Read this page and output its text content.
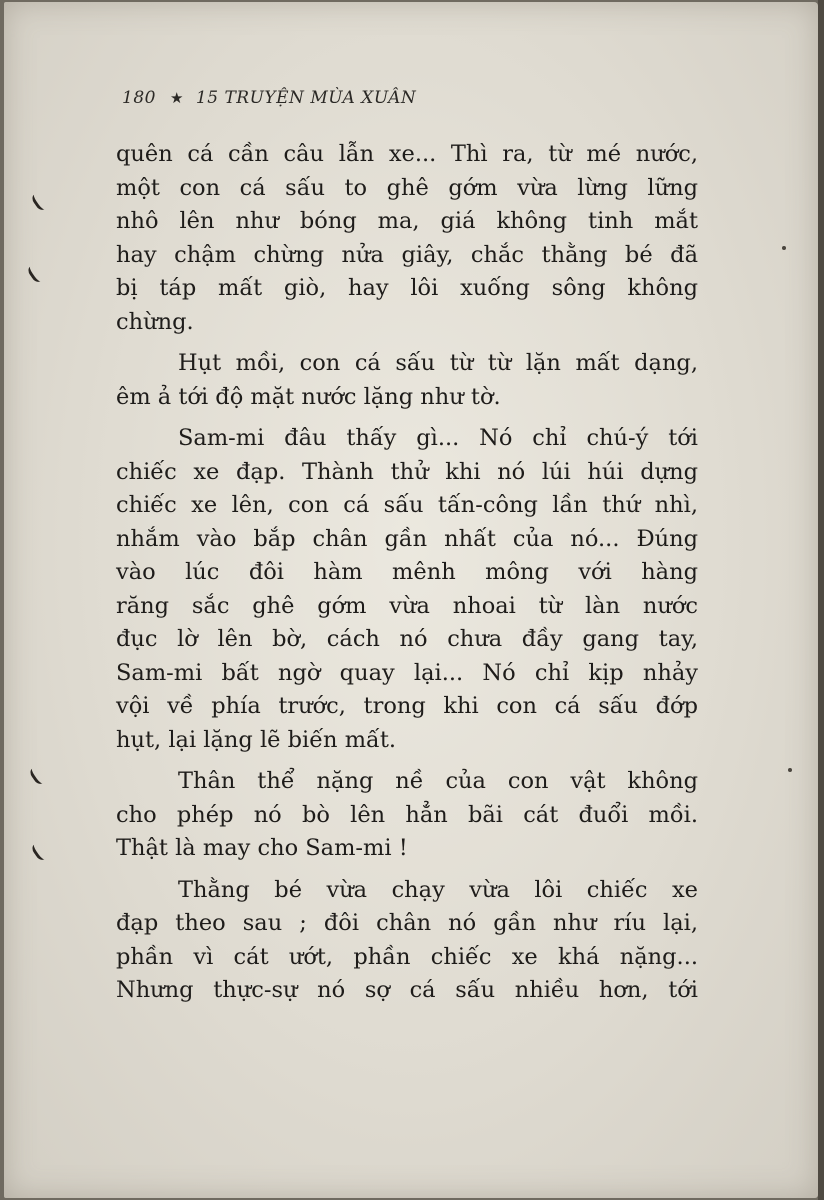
180 ★ 15 TRUYỆN MÙA XUÂN
quên cá cần câu lẫn xe... Thì ra, từ mé nước,
một con cá sấu to ghê gớm vừa lừng lững
nhô lên như bóng ma, giá không tinh mắt
hay chậm chừng nửa giây, chắc thằng bé đã
bị táp mất giò, hay lôi xuống sông không
chừng.
Hụt mồi, con cá sấu từ từ lặn mất dạng,
êm ả tới độ mặt nước lặng như tờ.
Sam-mi đâu thấy gì... Nó chỉ chú-ý tới
chiếc xe đạp. Thành thử khi nó lúi húi dựng
chiếc xe lên, con cá sấu tấn-công lần thứ nhì,
nhắm vào bắp chân gần nhất của nó... Đúng
vào lúc đôi hàm mênh mông với hàng
răng sắc ghê gớm vừa nhoai từ làn nước
đục lờ lên bờ, cách nó chưa đầy gang tay,
Sam-mi bất ngờ quay lại... Nó chỉ kịp nhảy
vội về phía trước, trong khi con cá sấu đớp
hụt, lại lặng lẽ biến mất.
Thân thể nặng nề của con vật không
cho phép nó bò lên hẳn bãi cát đuổi mồi.
Thật là may cho Sam-mi !
Thằng bé vừa chạy vừa lôi chiếc xe
đạp theo sau ; đôi chân nó gần như ríu lại,
phần vì cát ướt, phần chiếc xe khá nặng...
Nhưng thực-sự nó sợ cá sấu nhiều hơn, tới
